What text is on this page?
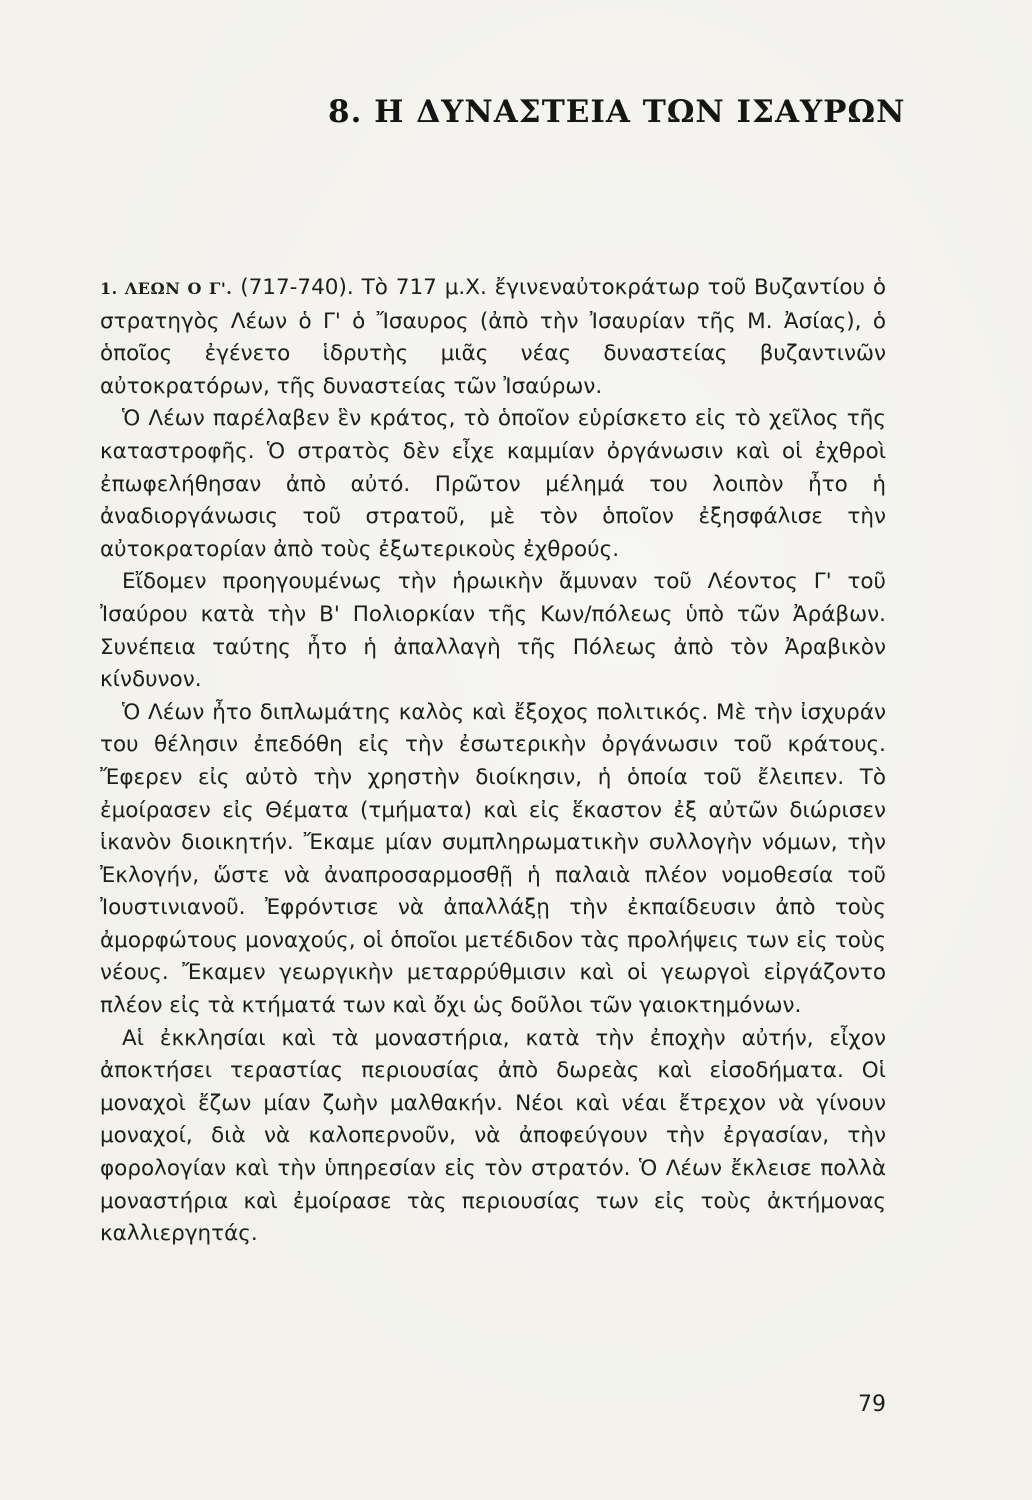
8. Η ΔΥΝΑΣΤΕΙΑ ΤΩΝ ΙΣΑΥΡΩΝ

1. ΛΕΩΝ Ο Γ'. (717-740). Τὸ 717 μ.Χ. ἔγινεναὐτοκράτωρ τοῦ Βυζαντίου ὁ στρατηγὸς Λέων ὁ Γ' ὁ Ἴσαυρος (ἀπὸ τὴν Ἰσαυρίαν τῆς Μ. Ἀσίας), ὁ ὁποῖος ἐγένετο ἱδρυτὴς μιᾶς νέας δυναστείας βυζαντινῶν αὐτοκρατόρων, τῆς δυναστείας τῶν Ἰσαύρων.

Ὁ Λέων παρέλαβεν ἓν κράτος, τὸ ὁποῖον εὑρίσκετο εἰς τὸ χεῖλος τῆς καταστροφῆς. Ὁ στρατὸς δὲν εἶχε καμμίαν ὀργάνωσιν καὶ οἱ ἐχθροὶ ἐπωφελήθησαν ἀπὸ αὐτό. Πρῶτον μέλημά του λοιπὸν ἦτο ἡ ἀναδιοργάνωσις τοῦ στρατοῦ, μὲ τὸν ὁποῖον ἐξησφάλισε τὴν αὐτοκρατορίαν ἀπὸ τοὺς ἐξωτερικοὺς ἐχθρούς.

Εἴδομεν προηγουμένως τὴν ἡρωικὴν ἄμυναν τοῦ Λέοντος Γ' τοῦ Ἰσαύρου κατὰ τὴν Β' Πολιορκίαν τῆς Κων/πόλεως ὑπὸ τῶν Ἀράβων. Συνέπεια ταύτης ἦτο ἡ ἀπαλλαγὴ τῆς Πόλεως ἀπὸ τὸν Ἀραβικὸν κίνδυνον.

Ὁ Λέων ἦτο διπλωμάτης καλὸς καὶ ἔξοχος πολιτικός. Μὲ τὴν ἰσχυράν του θέλησιν ἐπεδόθη εἰς τὴν ἐσωτερικὴν ὀργάνωσιν τοῦ κράτους. Ἔφερεν εἰς αὐτὸ τὴν χρηστὴν διοίκησιν, ἡ ὁποία τοῦ ἔλειπεν. Τὸ ἐμοίρασεν εἰς Θέματα (τμήματα) καὶ εἰς ἕκαστον ἐξ αὐτῶν διώρισεν ἱκανὸν διοικητήν. Ἔκαμε μίαν συμπληρωματικὴν συλλογὴν νόμων, τὴν Ἐκλογήν, ὥστε νὰ ἀναπροσαρμοσθῇ ἡ παλαιὰ πλέον νομοθεσία τοῦ Ἰουστινιανοῦ. Ἐφρόντισε νὰ ἀπαλλάξῃ τὴν ἐκπαίδευσιν ἀπὸ τοὺς ἀμορφώτους μοναχούς, οἱ ὁποῖοι μετέδιδον τὰς προλήψεις των εἰς τοὺς νέους. Ἔκαμεν γεωργικὴν μεταρρύθμισιν καὶ οἱ γεωργοὶ εἰργάζοντο πλέον εἰς τὰ κτήματά των καὶ ὄχι ὡς δοῦλοι τῶν γαιοκτημόνων.

Αἱ ἐκκλησίαι καὶ τὰ μοναστήρια, κατὰ τὴν ἐποχὴν αὐτήν, εἶχον ἀποκτήσει τεραστίας περιουσίας ἀπὸ δωρεὰς καὶ εἰσοδήματα. Οἱ μοναχοὶ ἔζων μίαν ζωὴν μαλθακήν. Νέοι καὶ νέαι ἔτρεχον νὰ γίνουν μοναχοί, διὰ νὰ καλοπερνοῦν, νὰ ἀποφεύγουν τὴν ἐργασίαν, τὴν φορολογίαν καὶ τὴν ὑπηρεσίαν εἰς τὸν στρατόν. Ὁ Λέων ἔκλεισε πολλὰ μοναστήρια καὶ ἐμοίρασε τὰς περιουσίας των εἰς τοὺς ἀκτήμονας καλλιεργητάς.

79
